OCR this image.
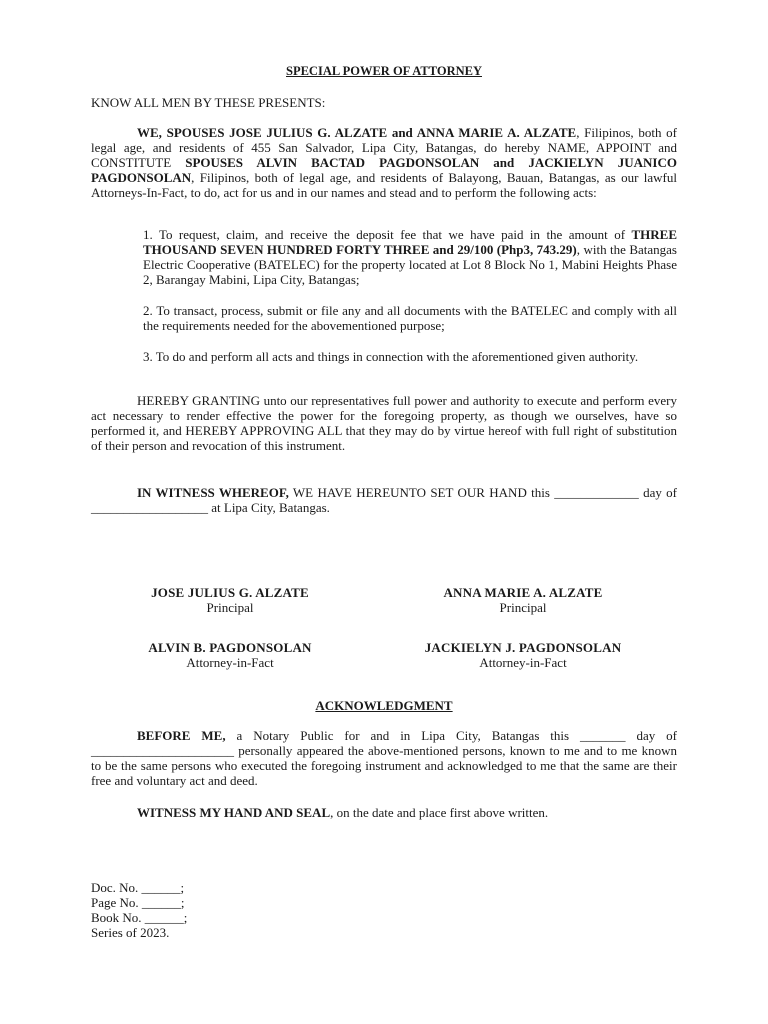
SPECIAL POWER OF ATTORNEY
KNOW ALL MEN BY THESE PRESENTS:
WE, SPOUSES JOSE JULIUS G. ALZATE and ANNA MARIE A. ALZATE, Filipinos, both of legal age, and residents of 455 San Salvador, Lipa City, Batangas, do hereby NAME, APPOINT and CONSTITUTE SPOUSES ALVIN BACTAD PAGDONSOLAN and JACKIELYN JUANICO PAGDONSOLAN, Filipinos, both of legal age, and residents of Balayong, Bauan, Batangas, as our lawful Attorneys-In-Fact, to do, act for us and in our names and stead and to perform the following acts:
1. To request, claim, and receive the deposit fee that we have paid in the amount of THREE THOUSAND SEVEN HUNDRED FORTY THREE and 29/100 (Php3, 743.29), with the Batangas Electric Cooperative (BATELEC) for the property located at Lot 8 Block No 1, Mabini Heights Phase 2, Barangay Mabini, Lipa City, Batangas;
2. To transact, process, submit or file any and all documents with the BATELEC and comply with all the requirements needed for the abovementioned purpose;
3. To do and perform all acts and things in connection with the aforementioned given authority.
HEREBY GRANTING unto our representatives full power and authority to execute and perform every act necessary to render effective the power for the foregoing property, as though we ourselves, have so performed it, and HEREBY APPROVING ALL that they may do by virtue hereof with full right of substitution of their person and revocation of this instrument.
IN WITNESS WHEREOF, WE HAVE HEREUNTO SET OUR HAND this _____________ day of __________________ at Lipa City, Batangas.
JOSE JULIUS G. ALZATE
Principal
ANNA MARIE A. ALZATE
Principal
ALVIN B. PAGDONSOLAN
Attorney-in-Fact
JACKIELYN J. PAGDONSOLAN
Attorney-in-Fact
ACKNOWLEDGMENT
BEFORE ME, a Notary Public for and in Lipa City, Batangas this _______ day of ______________________ personally appeared the above-mentioned persons, known to me and to me known to be the same persons who executed the foregoing instrument and acknowledged to me that the same are their free and voluntary act and deed.
WITNESS MY HAND AND SEAL, on the date and place first above written.
Doc. No. ______;
Page No. ______;
Book No. ______;
Series of 2023.
